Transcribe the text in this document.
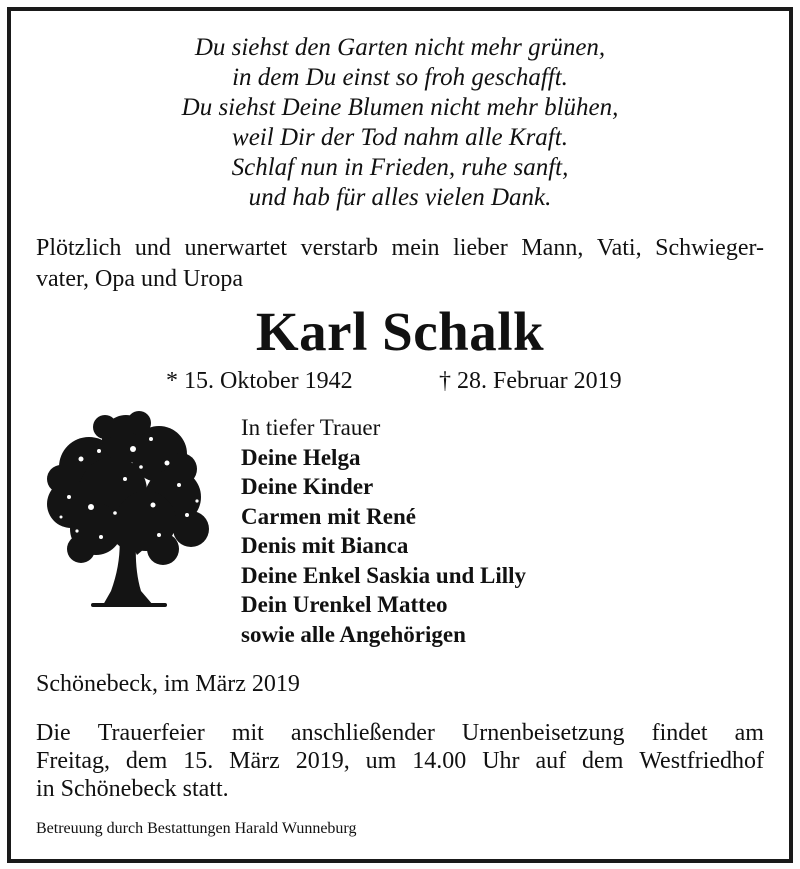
Du siehst den Garten nicht mehr grünen,
in dem Du einst so froh geschafft.
Du siehst Deine Blumen nicht mehr blühen,
weil Dir der Tod nahm alle Kraft.
Schlaf nun in Frieden, ruhe sanft,
und hab für alles vielen Dank.
Plötzlich und unerwartet verstarb mein lieber Mann, Vati, Schwieger-
vater, Opa und Uropa
Karl Schalk
* 15. Oktober 1942	† 28. Februar 2019
In tiefer Trauer
Deine Helga
Deine Kinder
Carmen mit René
Denis mit Bianca
Deine Enkel Saskia und Lilly
Dein Urenkel Matteo
sowie alle Angehörigen
Schönebeck, im März 2019
Die Trauerfeier mit anschließender Urnenbeisetzung findet am
Freitag, dem 15. März 2019, um 14.00 Uhr auf dem Westfriedhof
in Schönebeck statt.
Betreuung durch Bestattungen Harald Wunneburg
